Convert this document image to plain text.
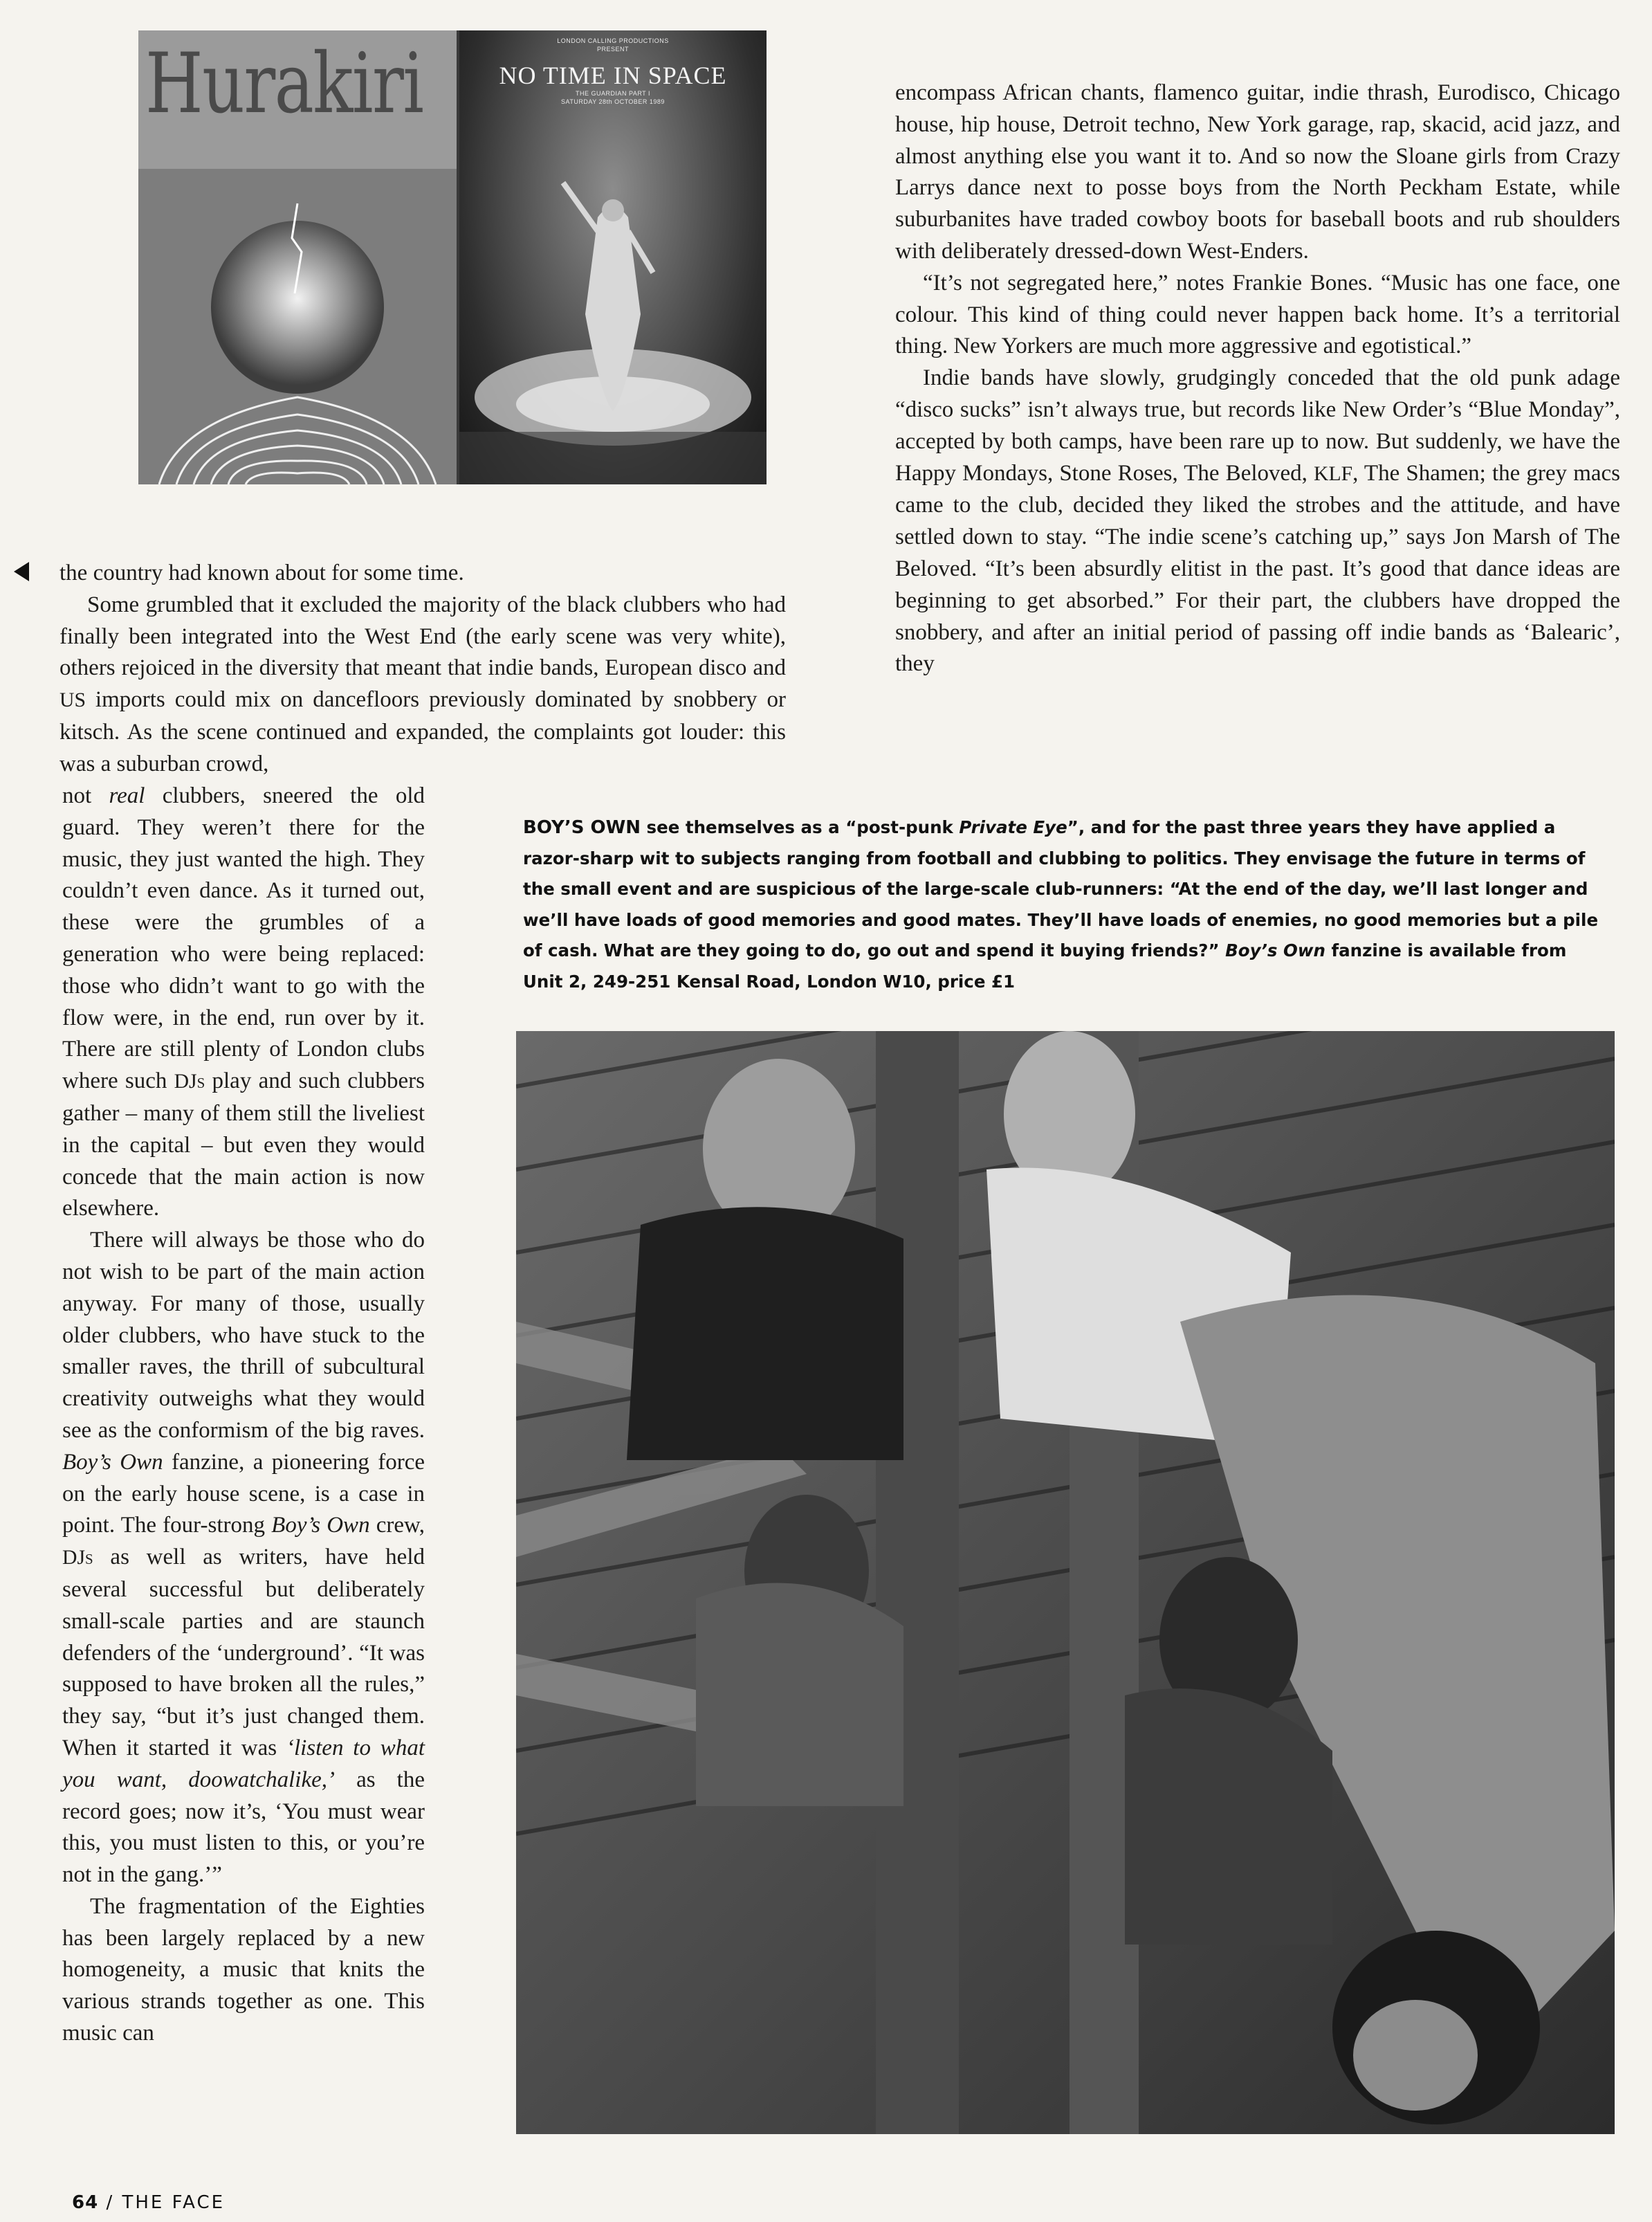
Hurakiri	LONDON CALLING PRODUCTIONS
PRESENT
NO TIME IN SPACE
THE GUARDIAN PART I
SATURDAY 28th OCTOBER 1989	encompass African chants, flamenco guitar, indie thrash, Eurodisco, Chicago house, hip house, Detroit techno, New York garage, rap, skacid, acid jazz, and almost anything else you want it to. And so now the Sloane girls from Crazy Larrys dance next to posse boys from the North Peckham Estate, while suburbanites have traded cowboy boots for baseball boots and rub shoulders with deliberately dressed-down West-Enders.

“It’s not segregated here,” notes Frankie Bones. “Music has one face, one colour. This kind of thing could never happen back home. It’s a territorial thing. New Yorkers are much more aggressive and egotistical.”

Indie bands have slowly, grudgingly conceded that the old punk adage “disco sucks” isn’t always true, but records like New Order’s “Blue Monday”, accepted by both camps, have been rare up to now. But suddenly, we have the Happy Mondays, Stone Roses, The Beloved, KLF, The Shamen; the grey macs came to the club, decided they liked the strobes and the attitude, and have settled down to stay. “The indie scene’s catching up,” says Jon Marsh of The Beloved. “It’s been absurdly elitist in the past. It’s good that dance ideas are beginning to get absorbed.” For their part, the clubbers have dropped the snobbery, and after an initial period of passing off indie bands as ‘Balearic’, they

the country had known about for some time.

Some grumbled that it excluded the majority of the black clubbers who had finally been integrated into the West End (the early scene was very white), others rejoiced in the diversity that meant that indie bands, European disco and US imports could mix on dancefloors previously dominated by snobbery or kitsch. As the scene continued and expanded, the complaints got louder: this was a suburban crowd,

not real clubbers, sneered the old guard. They weren’t there for the music, they just wanted the high. They couldn’t even dance. As it turned out, these were the grumbles of a generation who were being replaced: those who didn’t want to go with the flow were, in the end, run over by it. There are still plenty of London clubs where such DJs play and such clubbers gather – many of them still the liveliest in the capital – but even they would concede that the main action is now elsewhere.

There will always be those who do not wish to be part of the main action anyway. For many of those, usually older clubbers, who have stuck to the smaller raves, the thrill of subcultural creativity outweighs what they would see as the conformism of the big raves. Boy’s Own fanzine, a pioneering force on the early house scene, is a case in point. The four-strong Boy’s Own crew, DJs as well as writers, have held several successful but deliberately small-scale parties and are staunch defenders of the ‘underground’. “It was supposed to have broken all the rules,” they say, “but it’s just changed them. When it started it was ‘listen to what you want, doowatchalike,’ as the record goes; now it’s, ‘You must wear this, you must listen to this, or you’re not in the gang.’”

The fragmentation of the Eighties has been largely replaced by a new homogeneity, a music that knits the various strands together as one. This music can

BOY’S OWN see themselves as a “post-punk Private Eye”, and for the past three years they have applied a razor-sharp wit to subjects ranging from football and clubbing to politics. They envisage the future in terms of the small event and are suspicious of the large-scale club-runners: “At the end of the day, we’ll last longer and we’ll have loads of good memories and good mates. They’ll have loads of enemies, no good memories but a pile of cash. What are they going to do, go out and spend it buying friends?” Boy’s Own fanzine is available from Unit 2, 249-251 Kensal Road, London W10, price £1
64 / THE FACE
